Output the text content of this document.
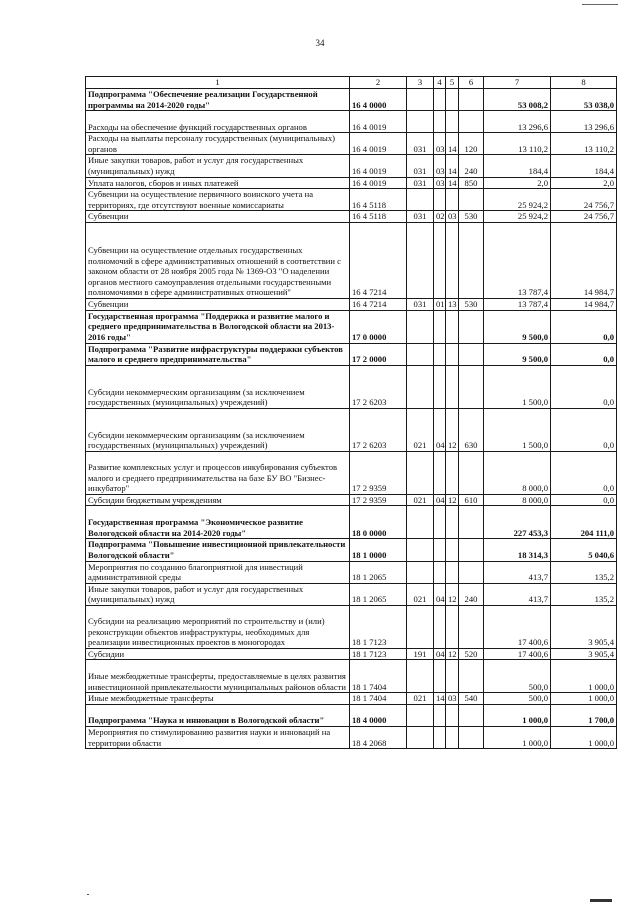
34
1	2	3	4	5	6	7	8
Подпрограмма "Обеспечение реализации Государственной программы на 2014-2020 годы"	16 4 0000					53 008,2	53 038,0
Расходы на обеспечение функций государственных органов	16 4 0019					13 296,6	13 296,6
Расходы на выплаты персоналу государственных (муниципальных) органов	16 4 0019	031	03	14	120	13 110,2	13 110,2
Иные закупки товаров, работ и услуг для государственных (муниципальных) нужд	16 4 0019	031	03	14	240	184,4	184,4
Уплата налогов, сборов и иных платежей	16 4 0019	031	03	14	850	2,0	2,0
Субвенции на осуществление первичного воинского учета на территориях, где отсутствуют военные комиссариаты	16 4 5118					25 924,2	24 756,7
Субвенции	16 4 5118	031	02	03	530	25 924,2	24 756,7
Субвенции на осуществление отдельных государственных полномочий в сфере административных отношений в соответствии с законом области от 28 ноября 2005 года № 1369-ОЗ "О наделении органов местного самоуправления отдельными государственными полномочиями в сфере административных отношений"	16 4 7214					13 787,4	14 984,7
Субвенции	16 4 7214	031	01	13	530	13 787,4	14 984,7
Государственная программа "Поддержка и развитие малого и среднего предпринимательства в Вологодской области на 2013-2016 годы"	17 0 0000					9 500,0	0,0
Подпрограмма "Развитие инфраструктуры поддержки субъектов малого и среднего предпринимательства"	17 2 0000					9 500,0	0,0
Субсидии некоммерческим организациям (за исключением государственных (муниципальных) учреждений)	17 2 6203					1 500,0	0,0
Субсидии некоммерческим организациям (за исключением государственных (муниципальных) учреждений)	17 2 6203	021	04	12	630	1 500,0	0,0
Развитие комплексных услуг и процессов инкубирования субъектов малого и среднего предпринимательства на базе БУ ВО "Бизнес-инкубатор"	17 2 9359					8 000,0	0,0
Субсидии бюджетным учреждениям	17 2 9359	021	04	12	610	8 000,0	0,0
Государственная программа "Экономическое развитие Вологодской области на 2014-2020 годы"	18 0 0000					227 453,3	204 111,0
Подпрограмма "Повышение инвестиционной привлекательности Вологодской области"	18 1 0000					18 314,3	5 040,6
Мероприятия по созданию благоприятной для инвестиций административной среды	18 1 2065					413,7	135,2
Иные закупки товаров, работ и услуг для государственных (муниципальных) нужд	18 1 2065	021	04	12	240	413,7	135,2
Субсидии на реализацию мероприятий по строительству и (или) реконструкции объектов инфраструктуры, необходимых для реализации инвестиционных проектов в моногородах	18 1 7123					17 400,6	3 905,4
Субсидии	18 1 7123	191	04	12	520	17 400,6	3 905,4
Иные межбюджетные трансферты, предоставляемые в целях развития инвестиционной привлекательности муниципальных районов области	18 1 7404					500,0	1 000,0
Иные межбюджетные трансферты	18 1 7404	021	14	03	540	500,0	1 000,0
Подпрограмма "Наука и инновации в Вологодской области"	18 4 0000					1 000,0	1 700,0
Мероприятия по стимулированию развития науки и инноваций на территории области	18 4 2068					1 000,0	1 000,0
